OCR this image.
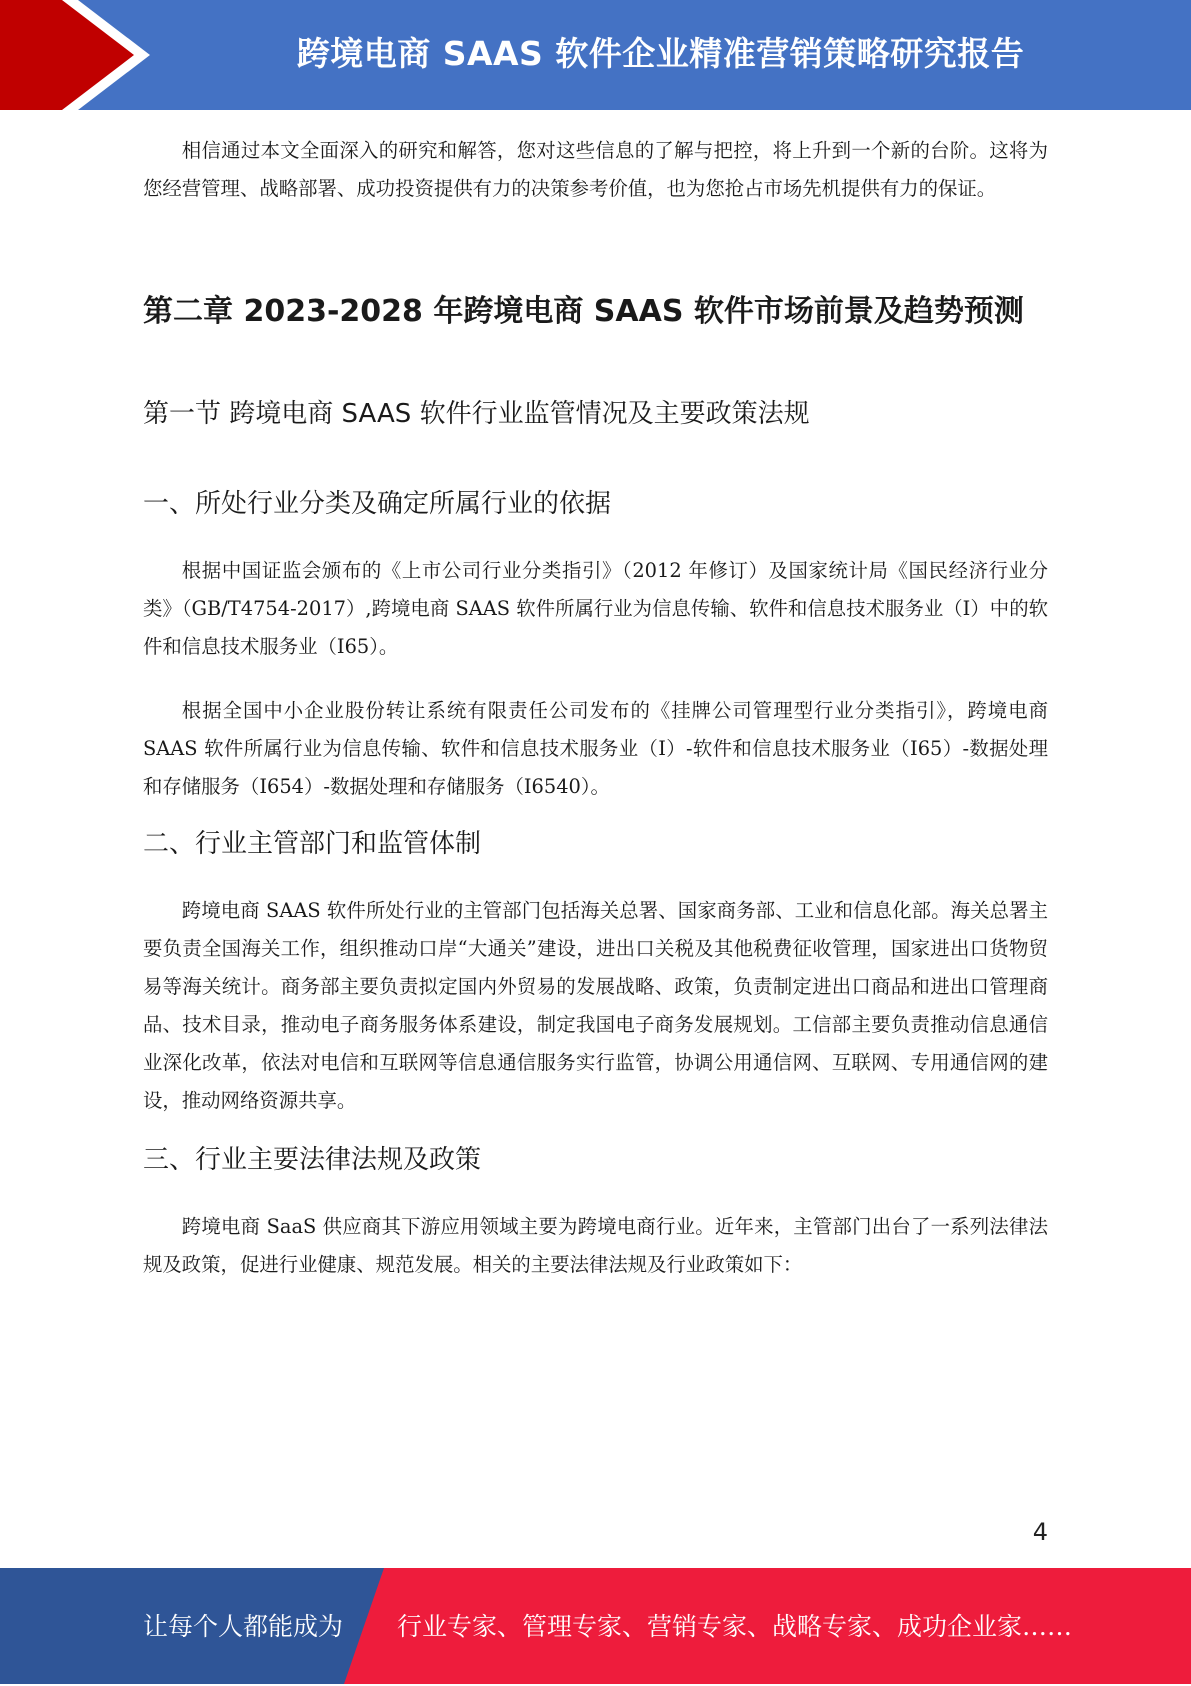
跨境电商 SAAS 软件企业精准营销策略研究报告

相信通过本文全面深入的研究和解答，您对这些信息的了解与把控，将上升到一个新的台阶。这将为您经营管理、战略部署、成功投资提供有力的决策参考价值，也为您抢占市场先机提供有力的保证。

第二章 2023-2028 年跨境电商 SAAS 软件市场前景及趋势预测
第一节 跨境电商 SAAS 软件行业监管情况及主要政策法规
一、所处行业分类及确定所属行业的依据

根据中国证监会颁布的《上市公司行业分类指引》（2012 年修订）及国家统计局《国民经济行业分类》（GB/T4754-2017）,跨境电商 SAAS 软件所属行业为信息传输、软件和信息技术服务业（I）中的软件和信息技术服务业（I65）。

根据全国中小企业股份转让系统有限责任公司发布的《挂牌公司管理型行业分类指引》，跨境电商 SAAS 软件所属行业为信息传输、软件和信息技术服务业（I）-软件和信息技术服务业（I65）-数据处理和存储服务（I654）-数据处理和存储服务（I6540）。

二、行业主管部门和监管体制

跨境电商 SAAS 软件所处行业的主管部门包括海关总署、国家商务部、工业和信息化部。海关总署主要负责全国海关工作，组织推动口岸“大通关”建设，进出口关税及其他税费征收管理，国家进出口货物贸易等海关统计。商务部主要负责拟定国内外贸易的发展战略、政策，负责制定进出口商品和进出口管理商品、技术目录，推动电子商务服务体系建设，制定我国电子商务发展规划。工信部主要负责推动信息通信业深化改革，依法对电信和互联网等信息通信服务实行监管，协调公用通信网、互联网、专用通信网的建设，推动网络资源共享。

三、行业主要法律法规及政策

跨境电商 SaaS 供应商其下游应用领域主要为跨境电商行业。近年来，主管部门出台了一系列法律法规及政策，促进行业健康、规范发展。相关的主要法律法规及行业政策如下：

4
让每个人都能成为 行业专家、管理专家、营销专家、战略专家、成功企业家……
